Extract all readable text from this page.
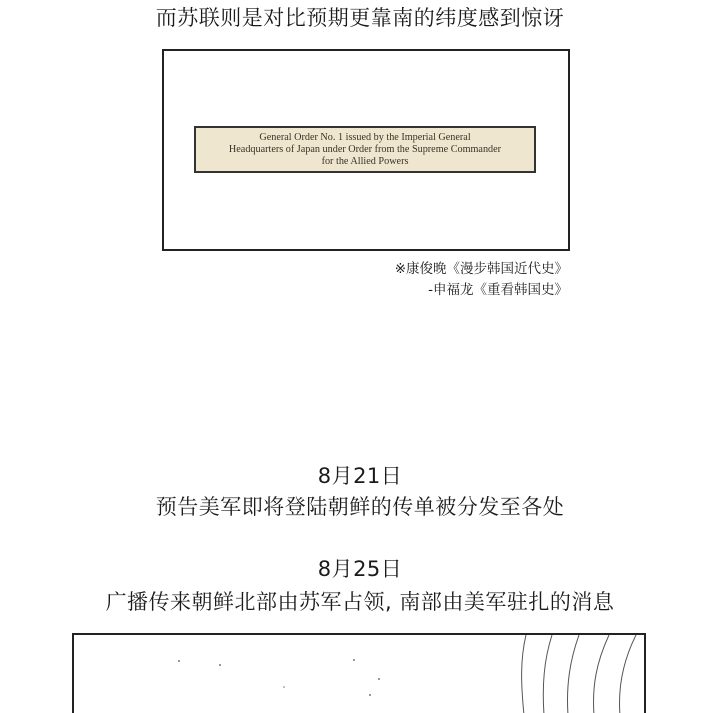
而苏联则是对比预期更靠南的纬度感到惊讶
General Order No. 1 issued by the Imperial General
Headquarters of Japan under Order from the Supreme Commander
for the Allied Powers
※康俊晚《漫步韩国近代史》
-申福龙《重看韩国史》
8月21日
预告美军即将登陆朝鲜的传单被分发至各处
8月25日
广播传来朝鲜北部由苏军占领, 南部由美军驻扎的消息
